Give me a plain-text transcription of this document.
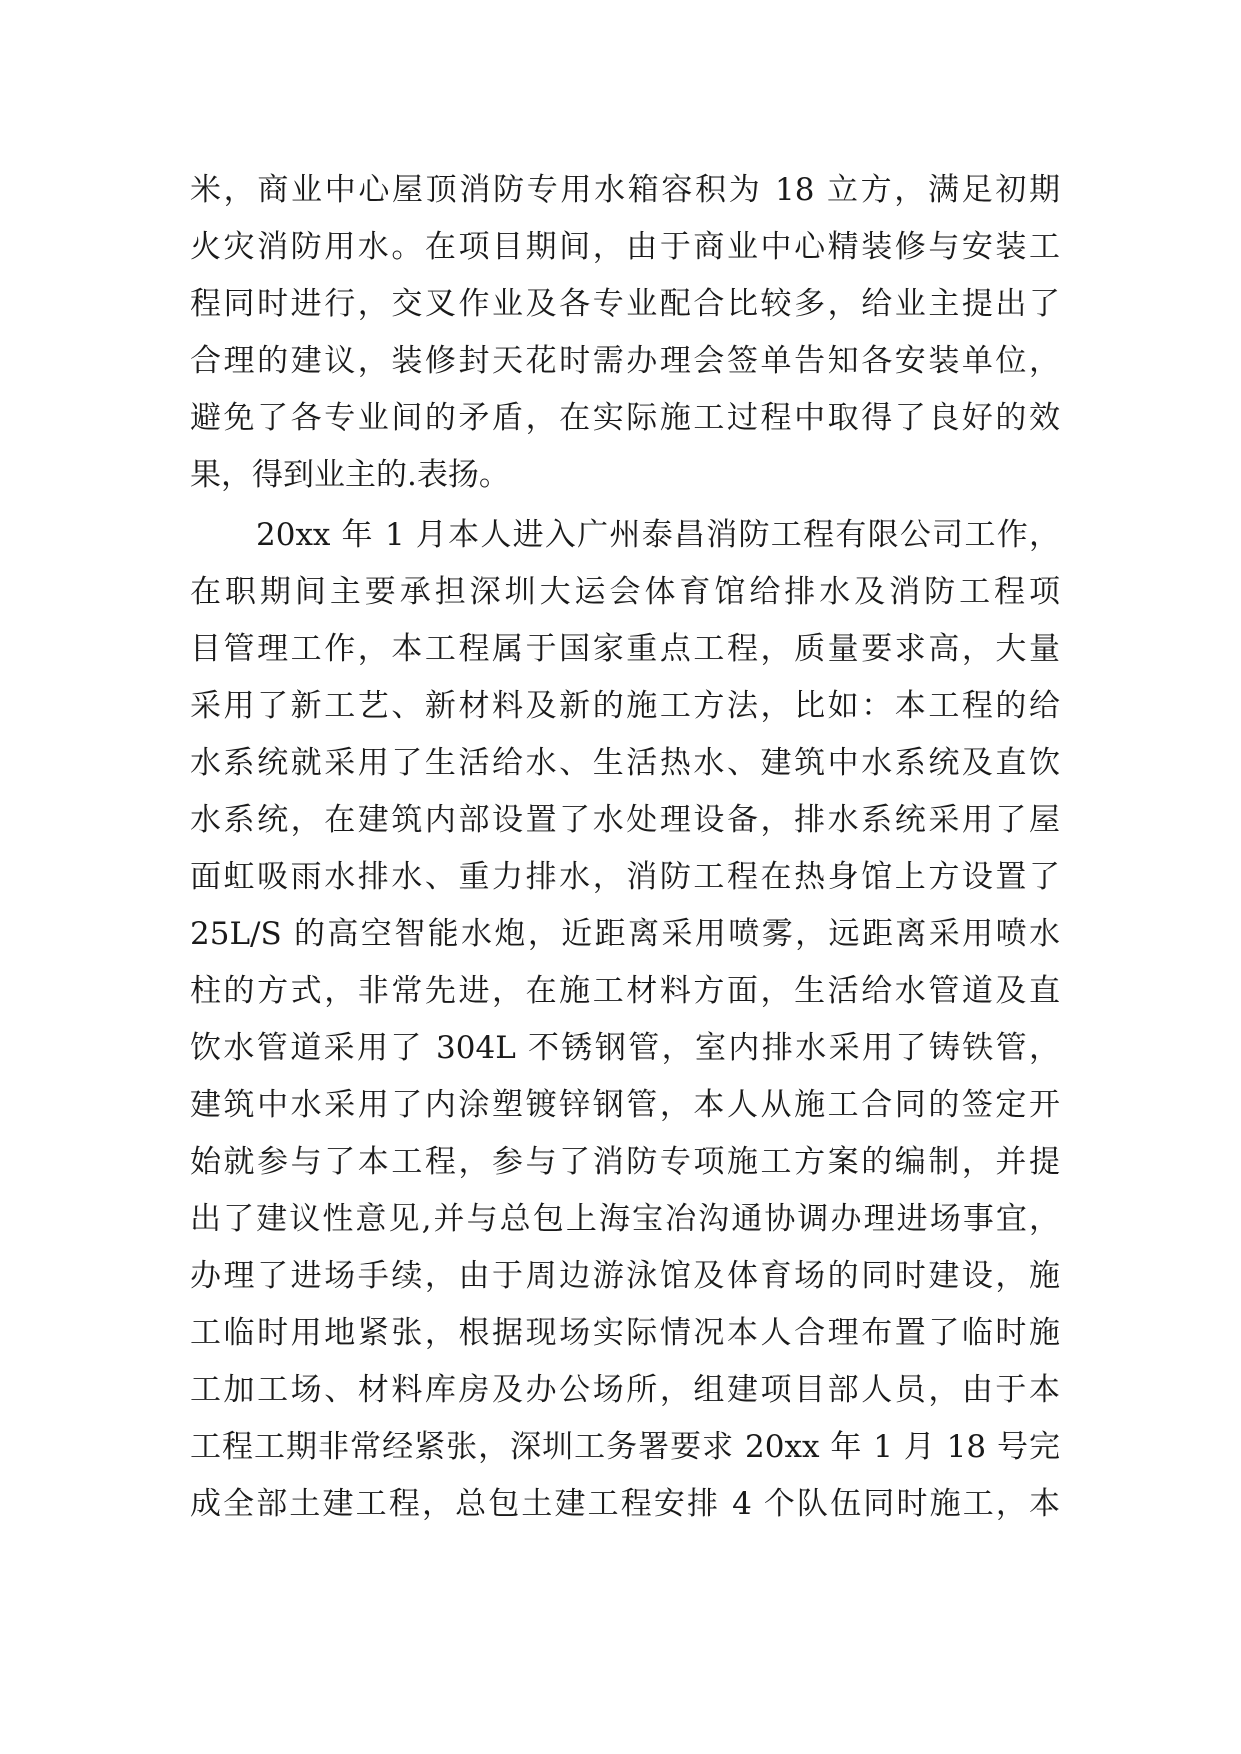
米，商业中心屋顶消防专用水箱容积为 18 立方，满足初期
火灾消防用水。在项目期间，由于商业中心精装修与安装工
程同时进行，交叉作业及各专业配合比较多，给业主提出了
合理的建议，装修封天花时需办理会签单告知各安装单位，
避免了各专业间的矛盾，在实际施工过程中取得了良好的效
果，得到业主的.表扬。
20xx 年 1 月本人进入广州泰昌消防工程有限公司工作，
在职期间主要承担深圳大运会体育馆给排水及消防工程项
目管理工作，本工程属于国家重点工程，质量要求高，大量
采用了新工艺、新材料及新的施工方法，比如：本工程的给
水系统就采用了生活给水、生活热水、建筑中水系统及直饮
水系统，在建筑内部设置了水处理设备，排水系统采用了屋
面虹吸雨水排水、重力排水，消防工程在热身馆上方设置了
25L/S 的高空智能水炮，近距离采用喷雾，远距离采用喷水
柱的方式，非常先进，在施工材料方面，生活给水管道及直
饮水管道采用了 304L 不锈钢管，室内排水采用了铸铁管，
建筑中水采用了内涂塑镀锌钢管，本人从施工合同的签定开
始就参与了本工程，参与了消防专项施工方案的编制，并提
出了建议性意见,并与总包上海宝冶沟通协调办理进场事宜，
办理了进场手续，由于周边游泳馆及体育场的同时建设，施
工临时用地紧张，根据现场实际情况本人合理布置了临时施
工加工场、材料库房及办公场所，组建项目部人员，由于本
工程工期非常经紧张，深圳工务署要求 20xx 年 1 月 18 号完
成全部土建工程，总包土建工程安排 4 个队伍同时施工，本
